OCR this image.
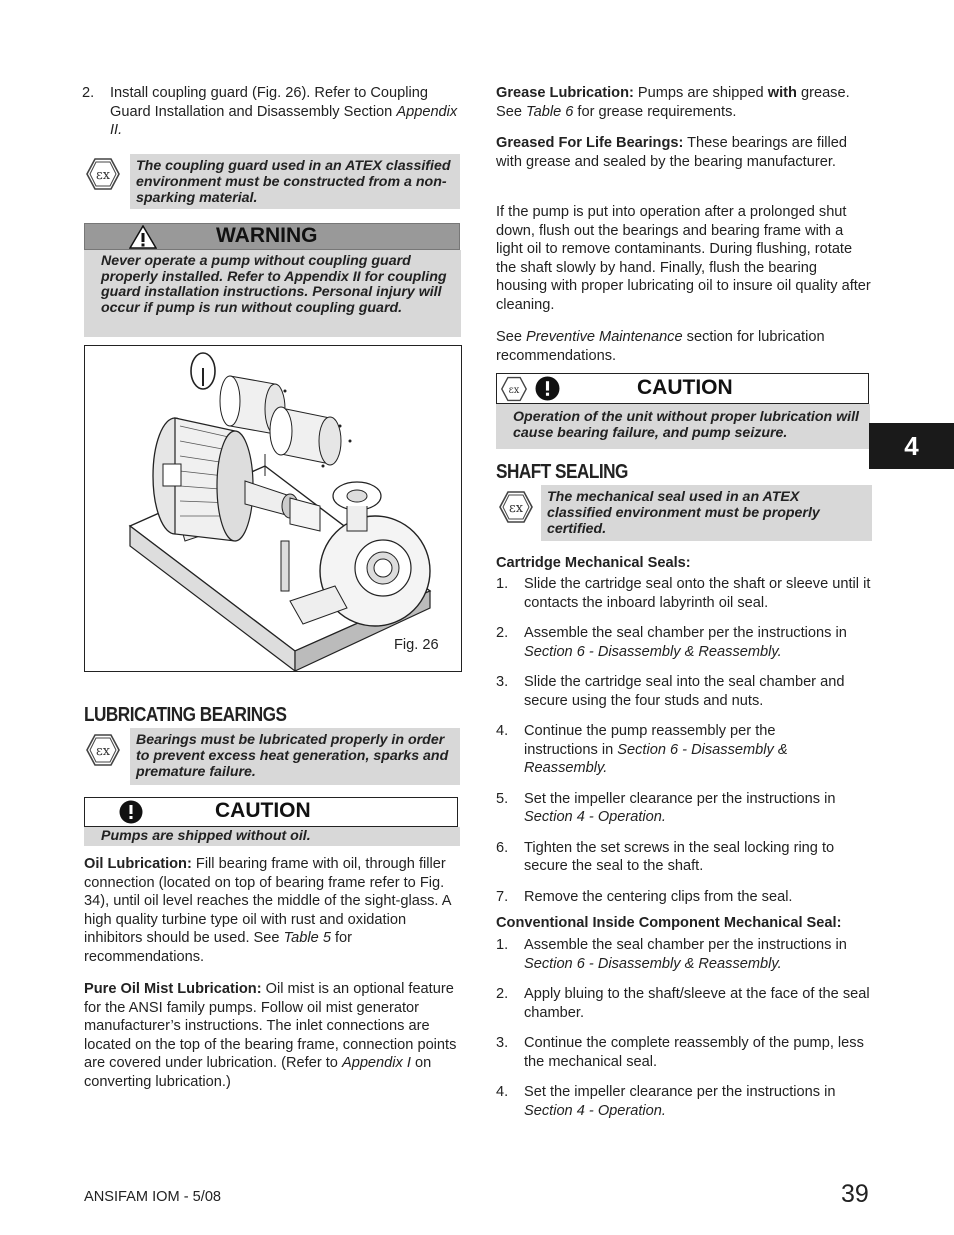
2.	Install coupling guard (Fig. 26). Refer to Coupling Guard Installation and Disassembly Section Appendix II.
εx
The coupling guard used in an ATEX classified environment must be constructed from a non-sparking material.
WARNING
Never operate a pump without coupling guard properly installed. Refer to Appendix II for coupling guard installation instructions. Personal injury will occur if pump is run without coupling guard.
Fig. 26
LUBRICATING BEARINGS
εx
Bearings must be lubricated properly in order to prevent excess heat generation, sparks and premature failure.
CAUTION
Pumps are shipped without oil.

Oil Lubrication: Fill bearing frame with oil, through filler connection (located on top of bearing frame refer to Fig. 34), until oil level reaches the middle of the sight-glass. A high quality turbine type oil with rust and oxidation inhibitors should be used. See Table 5 for recommendations.

Pure Oil Mist Lubrication: Oil mist is an optional feature for the ANSI family pumps. Follow oil mist generator manufacturer’s instructions. The inlet connections are located on the top of the bearing frame, connection points are covered under lubrication. (Refer to Appendix I on converting lubrication.)

Grease Lubrication: Pumps are shipped with grease. See Table 6 for grease requirements.

Greased For Life Bearings: These bearings are filled with grease and sealed by the bearing manufacturer.

If the pump is put into operation after a prolonged shut down, flush out the bearings and bearing frame with a light oil to remove contaminants. During flushing, rotate the shaft slowly by hand. Finally, flush the bearing housing with proper lubricating oil to insure oil quality after cleaning.

See Preventive Maintenance section for lubrication recommendations.

εx	CAUTION
Operation of the unit without proper lubrication will cause bearing failure, and pump seizure.	4
SHAFT SEALING
εx
The mechanical seal used in an ATEX classified environment must be properly certified.
Cartridge Mechanical Seals:
1.	Slide the cartridge seal onto the shaft or sleeve until it contacts the inboard labyrinth oil seal.
2.	Assemble the seal chamber per the instructions in Section 6 - Disassembly & Reassembly.
3.	Slide the cartridge seal into the seal chamber and secure using the four studs and nuts.
4.	Continue the pump reassembly per the instructions in Section 6 - Disassembly & Reassembly.
5.	Set the impeller clearance per the instructions in Section 4 - Operation.
6.	Tighten the set screws in the seal locking ring to secure the seal to the shaft.
7.	Remove the centering clips from the seal.
Conventional Inside Component Mechanical Seal:
1.	Assemble the seal chamber per the instructions in Section 6 - Disassembly & Reassembly.
2.	Apply bluing to the shaft/sleeve at the face of the seal chamber.
3.	Continue the complete reassembly of the pump, less the mechanical seal.
4.	Set the impeller clearance per the instructions in Section 4 - Operation.
ANSIFAM IOM - 5/08	39
